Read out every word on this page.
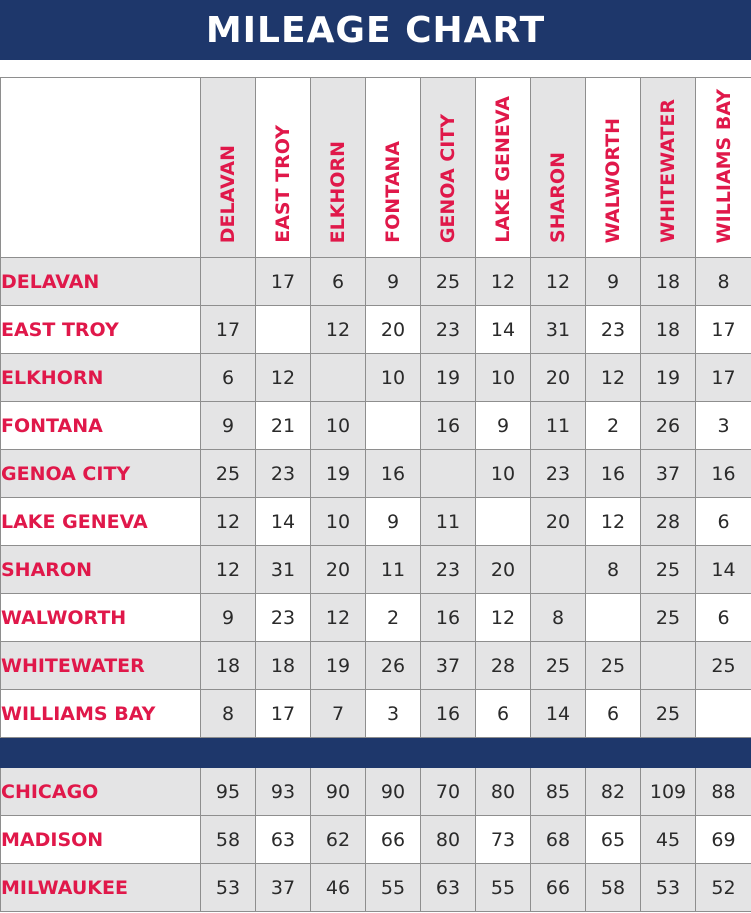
MILEAGE CHART

	DELAVAN	EAST TROY	ELKHORN	FONTANA	GENOA CITY	LAKE GENEVA	SHARON	WALWORTH	WHITEWATER	WILLIAMS BAY

DELAVAN		17	6	9	25	12	12	9	18	8
EAST TROY	17		12	20	23	14	31	23	18	17
ELKHORN	6	12		10	19	10	20	12	19	17
FONTANA	9	21	10		16	9	11	2	26	3
GENOA CITY	25	23	19	16		10	23	16	37	16
LAKE GENEVA	12	14	10	9	11		20	12	28	6
SHARON	12	31	20	11	23	20		8	25	14
WALWORTH	9	23	12	2	16	12	8		25	6
WHITEWATER	18	18	19	26	37	28	25	25		25
WILLIAMS BAY	8	17	7	3	16	6	14	6	25	

CHICAGO	95	93	90	90	70	80	85	82	109	88
MADISON	58	63	62	66	80	73	68	65	45	69
MILWAUKEE	53	37	46	55	63	55	66	58	53	52
